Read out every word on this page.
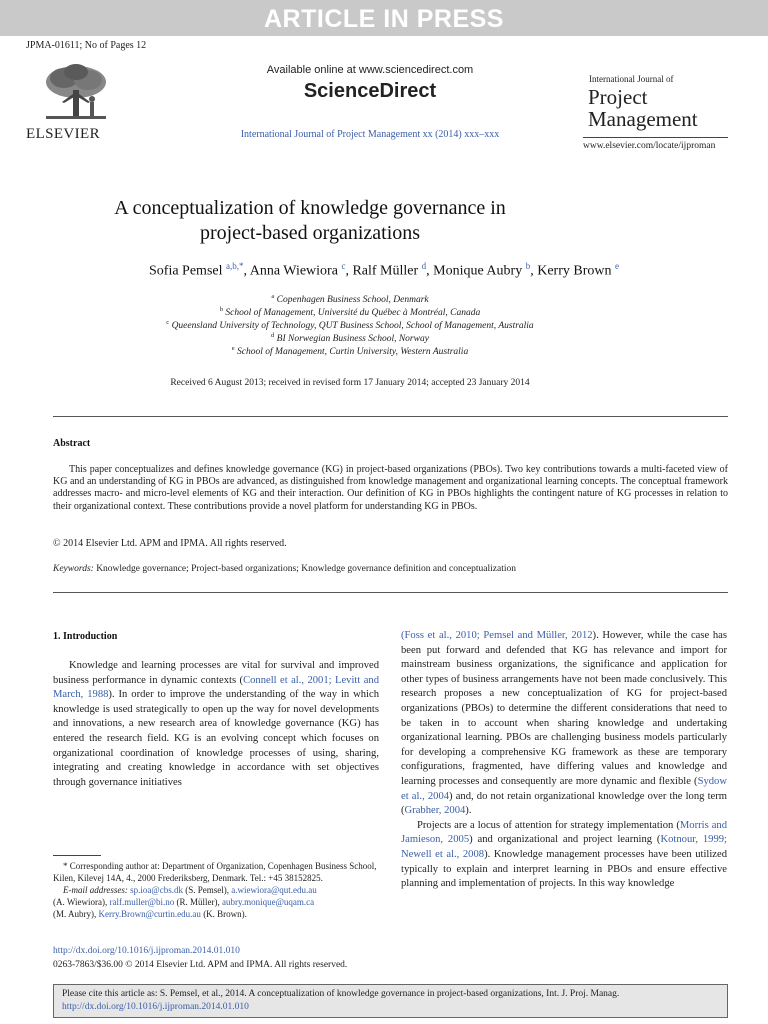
ARTICLE IN PRESS
JPMA-01611; No of Pages 12
ELSEVIER
Available online at www.sciencedirect.com
ScienceDirect
International Journal of Project Management xx (2014) xxx–xxx
International Journal of
Project
Management
www.elsevier.com/locate/ijproman
A conceptualization of knowledge governance in
project-based organizations
Sofia Pemsel $^{a,b,*}$, Anna Wiewiora $^c$, Ralf Müller $^d$, Monique Aubry $^b$, Kerry Brown $^e$
$^a$ Copenhagen Business School, Denmark
$^b$ School of Management, Université du Québec à Montréal, Canada
$^c$ Queensland University of Technology, QUT Business School, School of Management, Australia
$^d$ BI Norwegian Business School, Norway
$^e$ School of Management, Curtin University, Western Australia
Received 6 August 2013; received in revised form 17 January 2014; accepted 23 January 2014
Abstract
This paper conceptualizes and defines knowledge governance (KG) in project-based organizations (PBOs). Two key contributions towards a multi-faceted view of KG and an understanding of KG in PBOs are advanced, as distinguished from knowledge management and organizational learning concepts. The conceptual framework addresses macro- and micro-level elements of KG and their interaction. Our definition of KG in PBOs highlights the contingent nature of KG processes in relation to their organizational context. These contributions provide a novel platform for understanding KG in PBOs.
© 2014 Elsevier Ltd. APM and IPMA. All rights reserved.
Keywords: Knowledge governance; Project-based organizations; Knowledge governance definition and conceptualization
1. Introduction

Knowledge and learning processes are vital for survival and improved business performance in dynamic contexts (Connell et al., 2001; Levitt and March, 1988). In order to improve the understanding of the way in which knowledge is used strategically to open up the way for novel developments and innovations, a new research area of knowledge governance (KG) has entered the research field. KG is an evolving concept which focuses on organizational coordination of knowledge processes of using, sharing, integrating and creating knowledge in accordance with set objectives through governance initiatives

(Foss et al., 2010; Pemsel and Müller, 2012). However, while the case has been put forward and defended that KG has relevance and import for mainstream business organizations, the significance and application for other types of business arrangements have not been made conclusively. This research proposes a new conceptualization of KG for project-based organizations (PBOs) to determine the different considerations that need to be taken in to account when sharing knowledge and undertaking organizational learning. PBOs are challenging business models particularly for developing a comprehensive KG framework as these are temporary configurations, fragmented, have differing values and knowledge and learning processes and consequently are more dynamic and flexible (Sydow et al., 2004) and, do not retain organizational knowledge over the long term (Grabher, 2004).

Projects are a locus of attention for strategy implementation (Morris and Jamieson, 2005) and organizational and project learning (Kotnour, 1999; Newell et al., 2008). Knowledge management processes have been utilized typically to explain and interpret learning in PBOs and ensure effective planning and implementation of projects. In this way knowledge

* Corresponding author at: Department of Organization, Copenhagen Business School, Kilen, Kilevej 14A, 4., 2000 Frederiksberg, Denmark. Tel.: +45 38152825.

E-mail addresses: sp.ioa@cbs.dk (S. Pemsel), a.wiewiora@qut.edu.au

(A. Wiewiora), ralf.muller@bi.no (R. Müller), aubry.monique@uqam.ca

(M. Aubry), Kerry.Brown@curtin.edu.au (K. Brown).

http://dx.doi.org/10.1016/j.ijproman.2014.01.010
0263-7863/$36.00 © 2014 Elsevier Ltd. APM and IPMA. All rights reserved.
Please cite this article as: S. Pemsel, et al., 2014. A conceptualization of knowledge governance in project-based organizations, Int. J. Proj. Manag. http://dx.doi.org/10.1016/j.ijproman.2014.01.010
